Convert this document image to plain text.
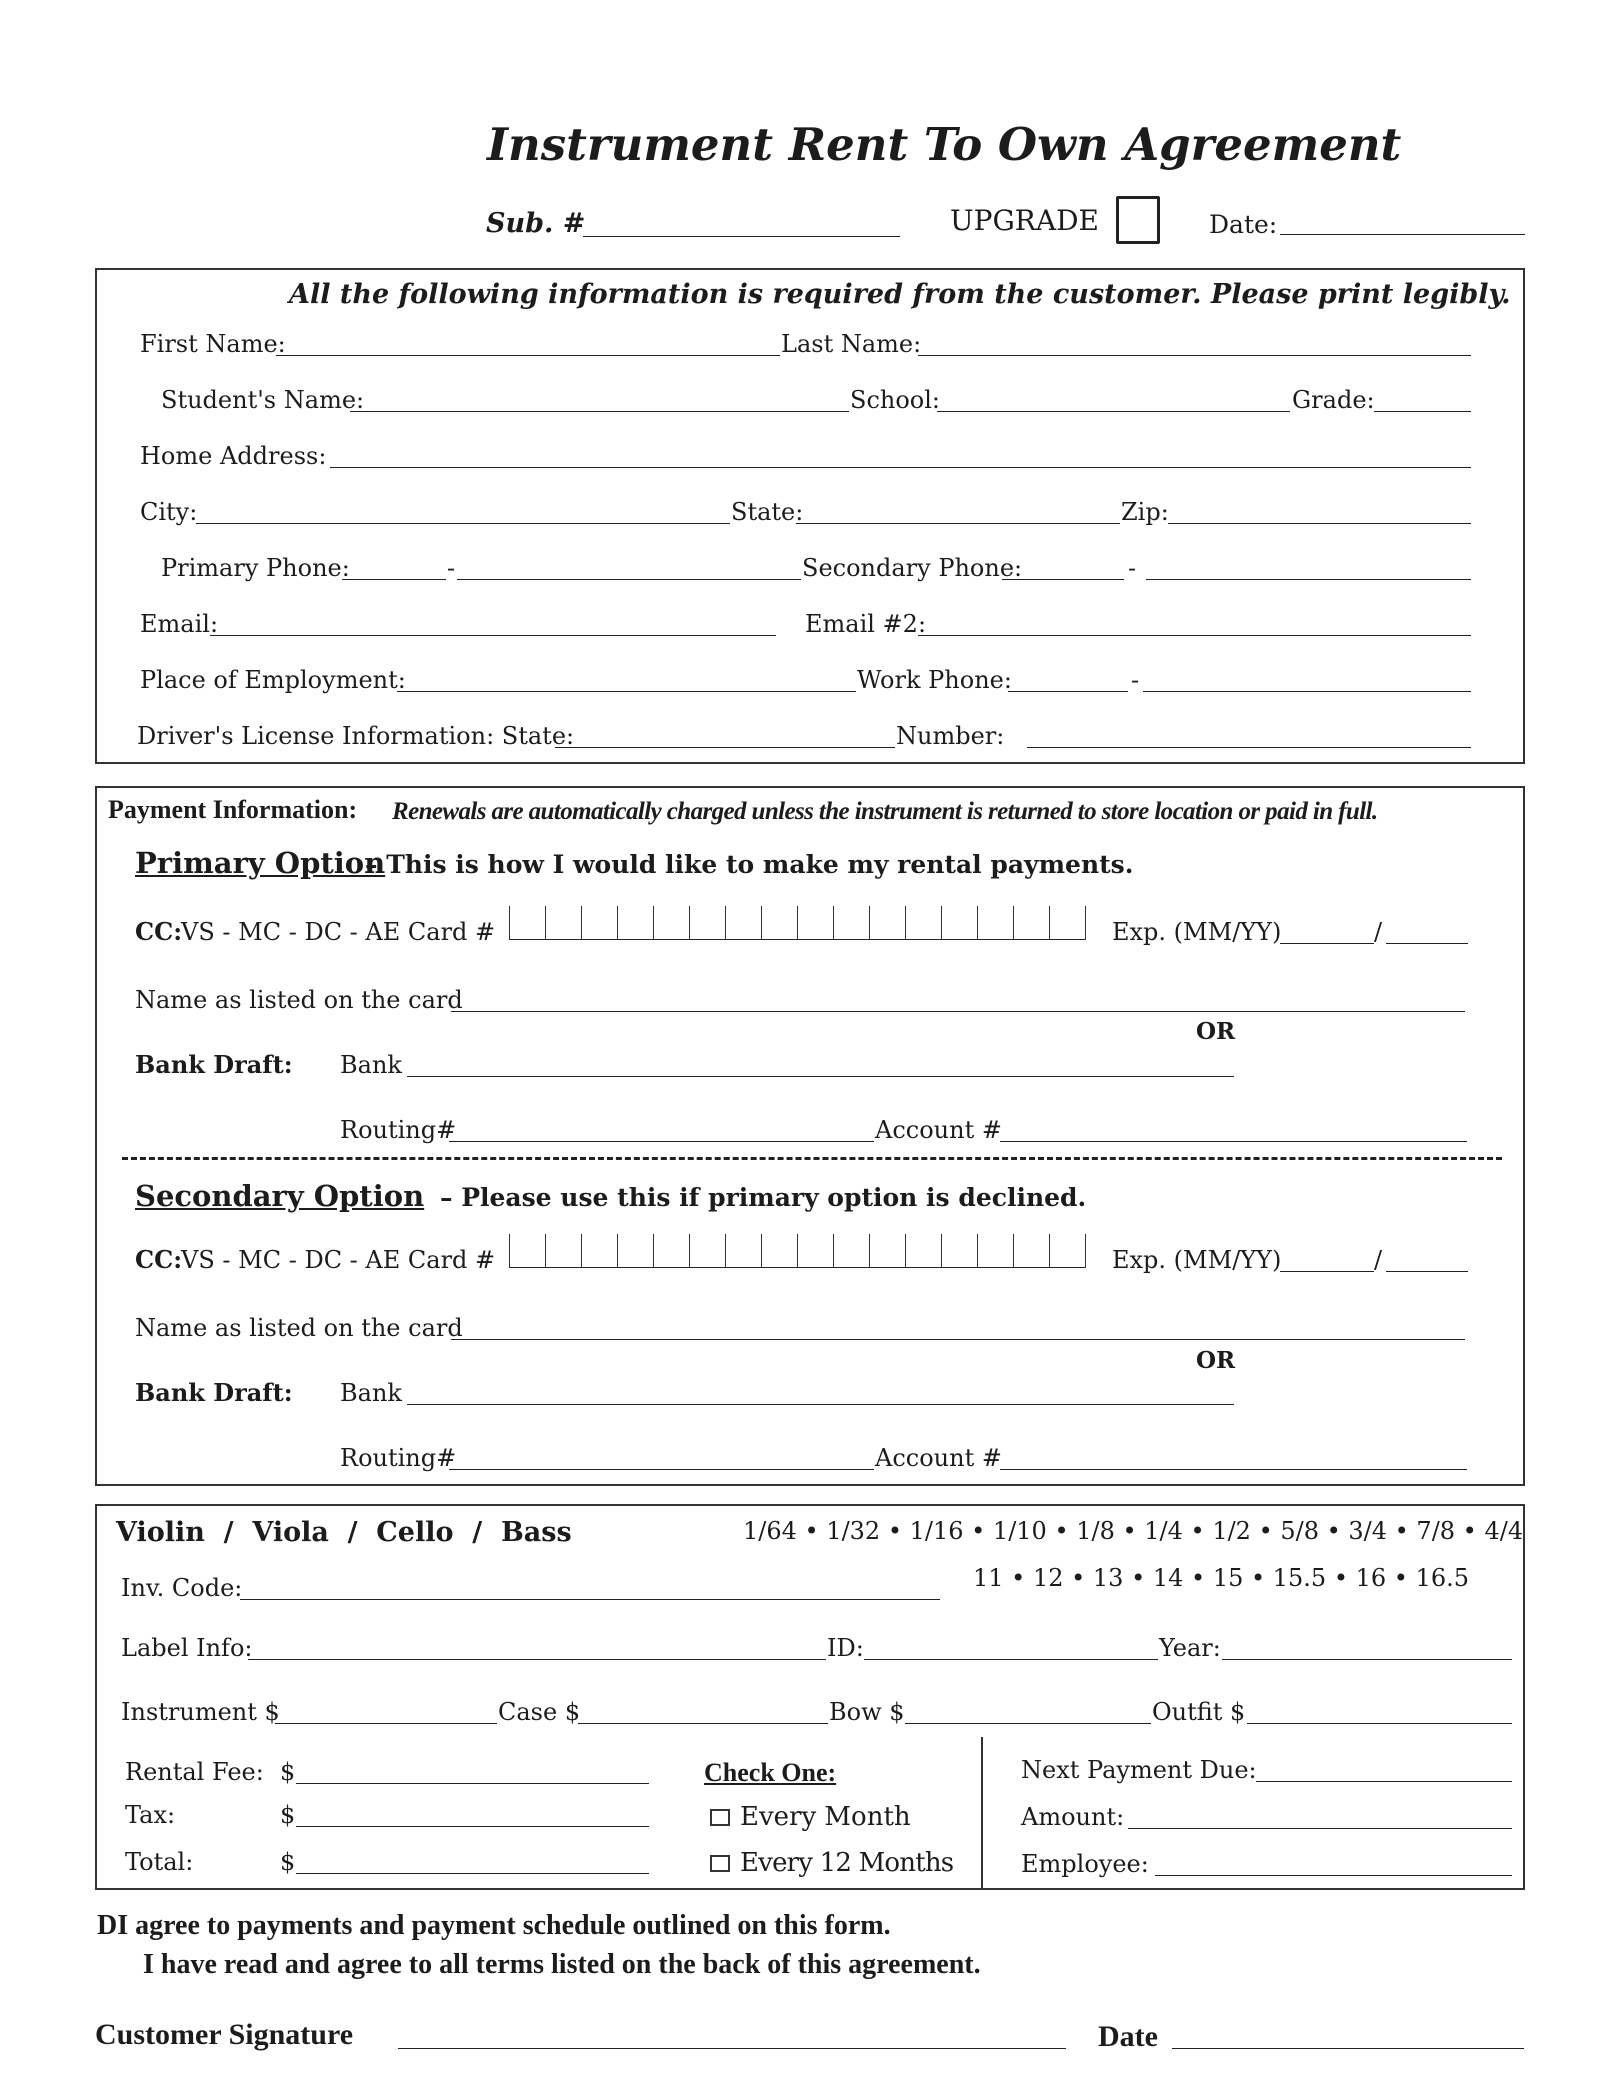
Instrument Rent To Own Agreement
Sub. #	UPGRADE	Date:
All the following information is required from the customer. Please print legibly.
First Name:	Last Name:
Student's Name:	School:	Grade:
Home Address:
City:	State:	Zip:
Primary Phone:	-	Secondary Phone:	-
Email:	Email #2:
Place of Employment:	Work Phone:	-
Driver's License Information: State:	Number:
Payment Information: Renewals are automatically charged unless the instrument is returned to store location or paid in full.
Primary Option
– This is how I would like to make my rental payments.
CC:
VS - MC - DC - AE Card #	Exp. (MM/YY)	/
Name as listed on the card
OR
Bank Draft: Bank
Routing#	Account #
Secondary Option – Please use this if primary option is declined.
CC:
VS - MC - DC - AE Card #	Exp. (MM/YY)	/
Name as listed on the card
OR
Bank Draft: Bank
Routing#	Account #
Violin  /  Viola  /  Cello  /  Bass	1/64 • 1/32 • 1/16 • 1/10 • 1/8 • 1/4 • 1/2 • 5/8 • 3/4 • 7/8 • 4/4
11 • 12 • 13 • 14 • 15 • 15.5 • 16 • 16.5
Inv. Code:
Label Info:	ID:	Year:
Instrument $	Case $	Bow $	Outfit $
Rental Fee: $
Tax:	$
Total:	$
Check One:
Every Month
Every 12 Months
Next Payment Due:
Amount:
Employee:
DI agree to payments and payment schedule outlined on this form.
I have read and agree to all terms listed on the back of this agreement.
Customer Signature	Date
